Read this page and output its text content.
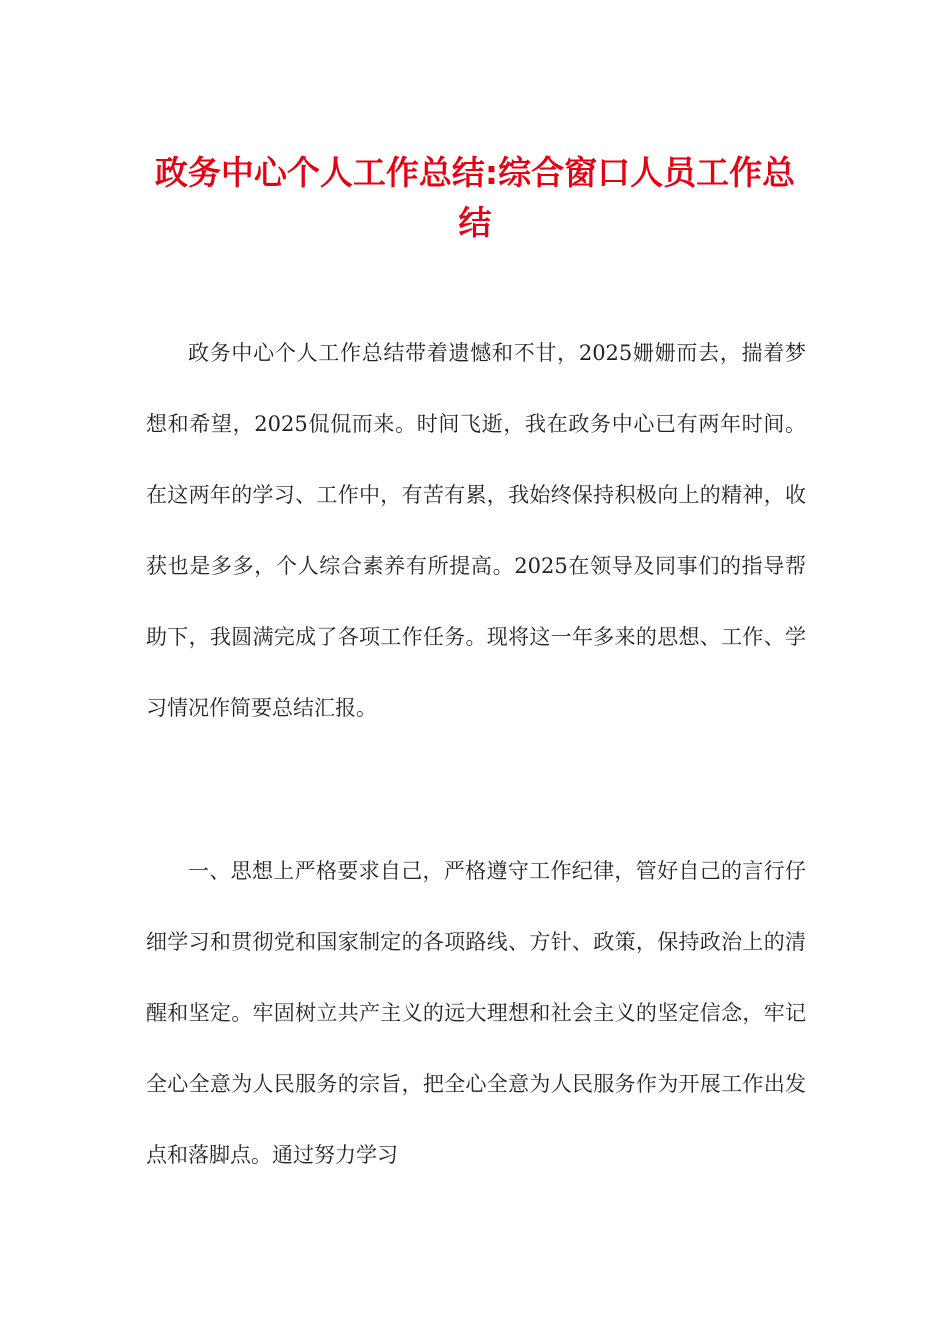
政务中心个人工作总结:综合窗口人员工作总结

政务中心个人工作总结带着遗憾和不甘，2025姗姗而去，揣着梦想和希望，2025侃侃而来。时间飞逝，我在政务中心已有两年时间。在这两年的学习、工作中，有苦有累，我始终保持积极向上的精神，收获也是多多，个人综合素养有所提高。2025在领导及同事们的指导帮助下，我圆满完成了各项工作任务。现将这一年多来的思想、工作、学习情况作简要总结汇报。

一、思想上严格要求自己，严格遵守工作纪律，管好自己的言行仔细学习和贯彻党和国家制定的各项路线、方针、政策，保持政治上的清醒和坚定。牢固树立共产主义的远大理想和社会主义的坚定信念，牢记全心全意为人民服务的宗旨，把全心全意为人民服务作为开展工作出发点和落脚点。通过努力学习
